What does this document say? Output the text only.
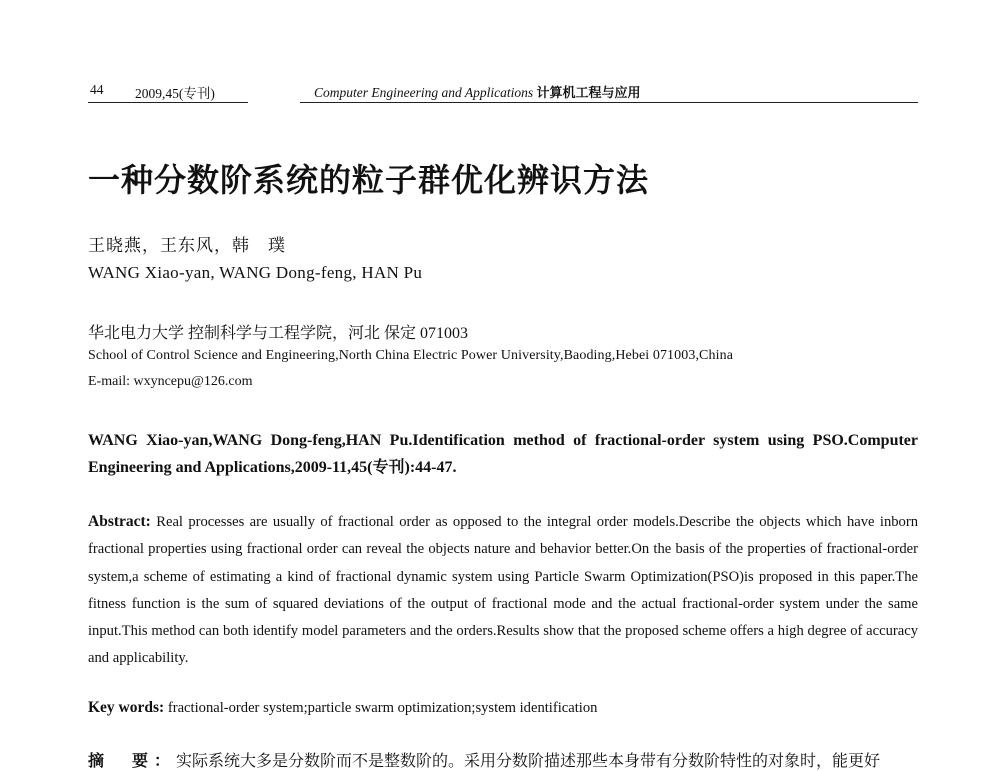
44 2009,45(专刊)	Computer Engineering and Applications 计算机工程与应用
一种分数阶系统的粒子群优化辨识方法
王晓燕，王东风，韩　璞
WANG Xiao-yan, WANG Dong-feng, HAN Pu
华北电力大学 控制科学与工程学院，河北 保定 071003
School of Control Science and Engineering,North China Electric Power University,Baoding,Hebei 071003,China
E-mail: wxyncepu@126.com
WANG Xiao-yan,WANG Dong-feng,HAN Pu.Identification method of fractional-order system using PSO.Computer Engineering and Applications,2009-11,45(专刊):44-47.
Abstract: Real processes are usually of fractional order as opposed to the integral order models.Describe the objects which have inborn fractional properties using fractional order can reveal the objects nature and behavior better.On the basis of the properties of fractional-order system,a scheme of estimating a kind of fractional dynamic system using Particle Swarm Optimization(PSO)is proposed in this paper.The fitness function is the sum of squared deviations of the output of fractional mode and the actual fractional-order system under the same input.This method can both identify model parameters and the orders.Results show that the proposed scheme offers a high degree of accuracy and applicability.
Key words: fractional-order system;particle swarm optimization;system identification
摘　要：实际系统大多是分数阶而不是整数阶的。采用分数阶描述那些本身带有分数阶特性的对象时，能更好
